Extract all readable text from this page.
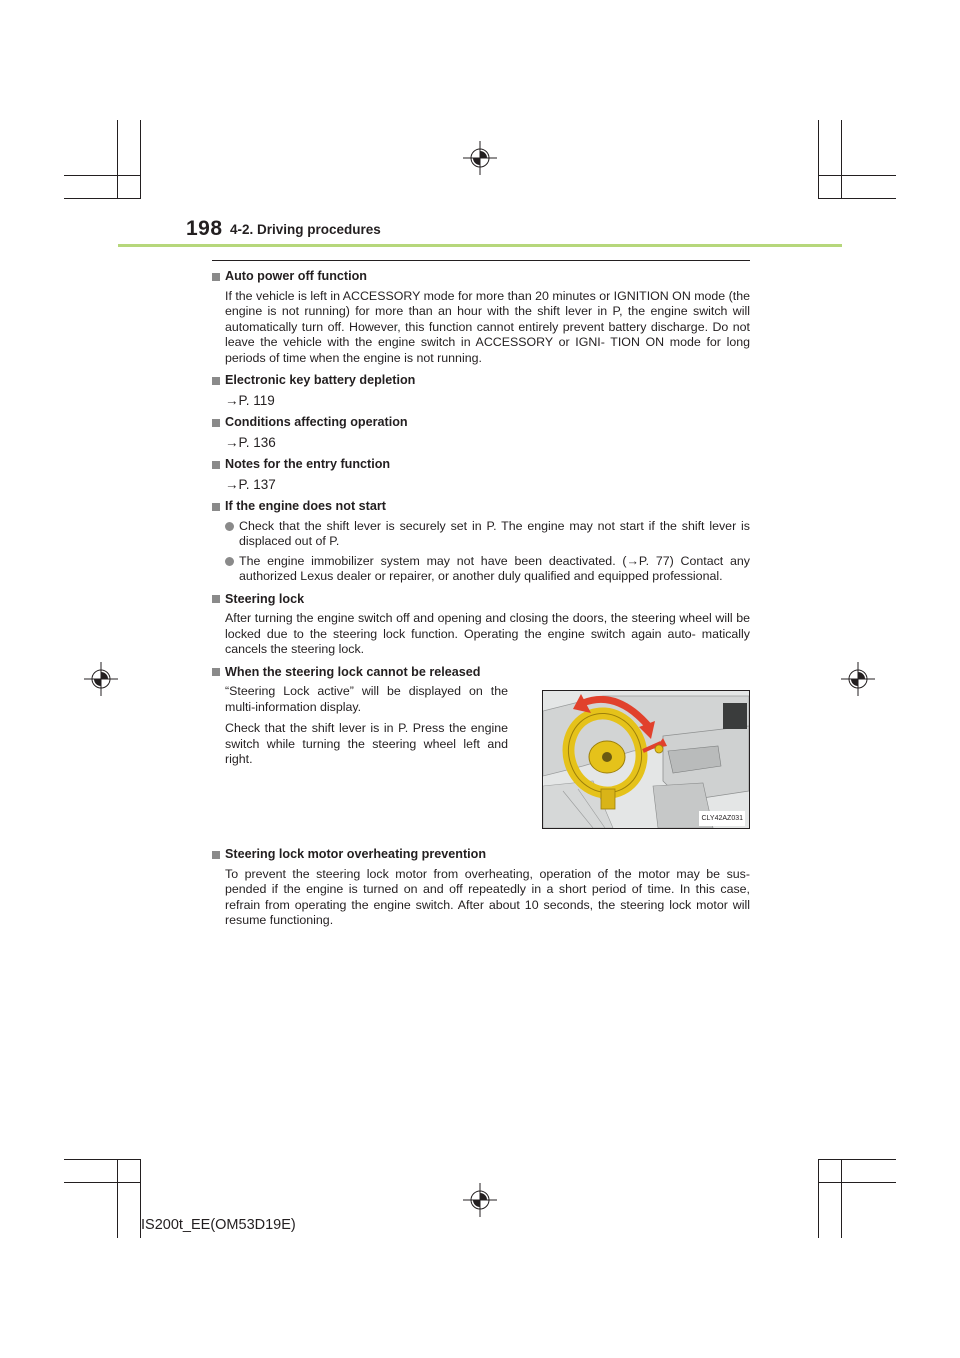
198 4-2. Driving procedures
Auto power off function
If the vehicle is left in ACCESSORY mode for more than 20 minutes or IGNITION ON mode (the engine is not running) for more than an hour with the shift lever in P, the engine switch will automatically turn off. However, this function cannot entirely prevent battery discharge. Do not leave the vehicle with the engine switch in ACCESSORY or IGNI- TION ON mode for long periods of time when the engine is not running.
Electronic key battery depletion
→P. 119
Conditions affecting operation
→P. 136
Notes for the entry function
→P. 137
If the engine does not start
Check that the shift lever is securely set in P. The engine may not start if the shift lever is displaced out of P.
The engine immobilizer system may not have been deactivated. (→P. 77) Contact any authorized Lexus dealer or repairer, or another duly qualified and equipped professional.
Steering lock
After turning the engine switch off and opening and closing the doors, the steering wheel will be locked due to the steering lock function. Operating the engine switch again auto- matically cancels the steering lock.
When the steering lock cannot be released

“Steering Lock active” will be displayed on the multi-information display.

Check that the shift lever is in P. Press the engine switch while turning the steering wheel left and right.

CLY42AZ031
Steering lock motor overheating prevention
To prevent the steering lock motor from overheating, operation of the motor may be sus- pended if the engine is turned on and off repeatedly in a short period of time. In this case, refrain from operating the engine switch. After about 10 seconds, the steering lock motor will resume functioning.
IS200t_EE(OM53D19E)
